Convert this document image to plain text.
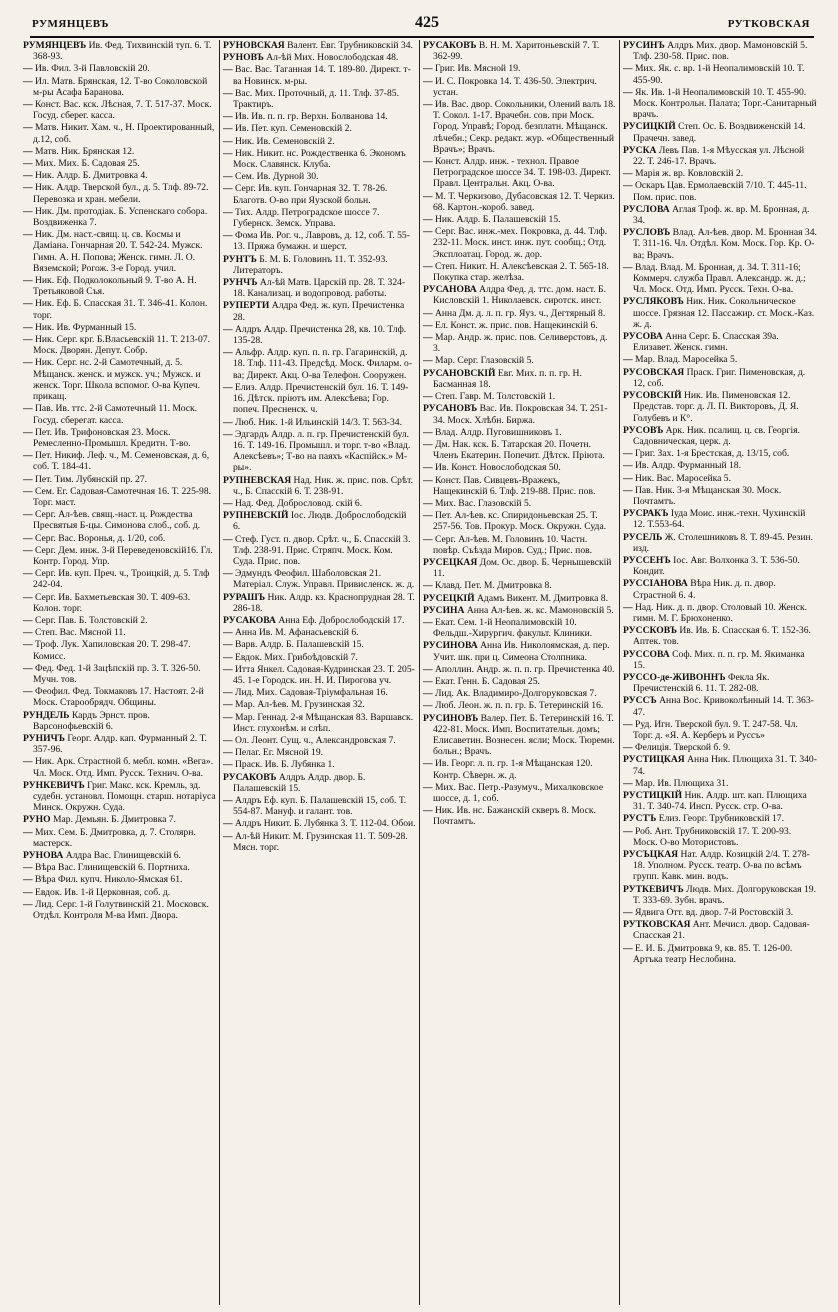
РУМЯНЦЕВЪ	425	РУТКОВСКАЯ
РУМЯНЦЕВЪ Ив. Фед. Тихвинскій туп. 6. Т. 368-93.
— Ив. Фил. 3-й Павловскій 20.
— Ил. Матв. Брянская, 12. Т-во Соколовской м-ры Асафа Баранова.
— Конст. Вас. кск. Лѣсная, 7. Т. 517-37. Моск. Госуд. сберег. касса.
— Матв. Никит. Хам. ч., Н. Проектированный, д.12, соб.
— Матв. Ник. Брянская 12.
— Мих. Мих. Б. Садовая 25.
— Ник. Алдр. Б. Дмитровка 4.
— Ник. Алдр. Тверской бул., д. 5. Тлф. 89-72. Перевозка и хран. мебели.
— Ник. Дм. протодіак. Б. Успенскаго собора. Воздвиженка 7.
— Ник. Дм. наст.-свящ. ц. св. Космы и Даміана. Гончарная 20. Т. 542-24. Мужск. Гимн. А. Н. Попова; Женск. гимн. Л. О. Вяземской; Рогож. 3-е Город. учил.
— Ник. Еф. Подколокольный 9. Т-во А. Н. Третьяковой Съя.
— Ник. Еф. Б. Спасская 31. Т. 346-41. Колон. торг.
— Ник. Ив. Фурманный 15.
— Ник. Серг. крг. Б.Власьевскій 11. Т. 213-07. Моск. Дворян. Депут. Собр.
— Ник. Серг. нс. 2-й Самотечный, д. 5. Мѣщанск. женск. и мужск. уч.; Мужск. и женск. Торг. Школа вспомог. О-ва Купеч. прикащ.
— Пав. Ив. ттс. 2-й Самотечный 11. Моск. Госуд. сберегат. касса.
— Пет. Ив. Трифоновская 23. Моск. Ремесленно-Промышл. Кредитн. Т-во.
— Пет. Никиф. Леф. ч., М. Семеновская, д. 6, соб. Т. 184-41.
— Пет. Тим. Лубянскій пр. 27.
— Сем. Ег. Садовая-Самотечная 16. Т. 225-98. Торг. маст.
— Серг. Ал-ѣев. свящ.-наст. ц. Рождества Пресвятыя Б-цы. Симонова слоб., соб. д.
— Серг. Вас. Воронья, д. 1/20, соб.
— Серг. Дем. инж. 3-й Переведеновскій16. Гл. Контр. Город. Упр.
— Серг. Ив. куп. Преч. ч., Троицкій, д. 5. Тлф 242-04.
— Серг. Ив. Бахметьевская 30. Т. 409-63. Колон. торг.
— Серг. Пав. Б. Толстовскій 2.
— Степ. Вас. Мясной 11.
— Троф. Лук. Хапиловская 20. Т. 298-47. Комисс.
— Фед. Фед. 1-й Зацѣпскій пр. 3. Т. 326-50. Мучн. тов.
— Феофил. Фед. Токмаковъ 17. Настоят. 2-й Моск. Старообрядч. Общины.
РУНДЕЛЬ Кардъ Эрнст. пров. Варсонофьевскій 6.
РУНИЧЪ Георг. Алдр. кап. Фурманный 2. Т. 357-96.
— Ник. Арк. Страстной б. мебл. комн. «Вега». Чл. Моск. Отд. Имп. Русск. Технич. О-ва.
РУНКЕВИЧЪ Григ. Макс. кск. Кремль, зд. судебн. установл. Помощн. старш. нотаріуса Минск. Окружн. Суда.
РУНО Мар. Демьян. Б. Дмитровка 7.
— Мих. Сем. Б. Дмитровка, д. 7. Столярн. мастерск.
РУНОВА Алдра Вас. Глинищевскій 6.
— Вѣра Вас. Глинищевскій 6. Портниха.
— Вѣра Фил. купч. Николо-Ямская 61.
— Евдок. Ив. 1-й Церковная, соб. д.
— Лид. Серг. 1-й Голутвинскій 21. Московск. Отдѣл. Контроля М-ва Имп. Двора.
РУНОВСКАЯ Валент. Евг. Трубниковскій 34.
РУНОВЪ Ал-ѣй Мих. Новослободская 48.
— Вас. Вас. Таганная 14. Т. 189-80. Директ. т-ва Новинск. м-ры.
— Вас. Мих. Проточный, д. 11. Тлф. 37-85. Трактиръ.
— Ив. Ив. п. п. гр. Верхн. Болванова 14.
— Ив. Пет. куп. Семеновскій 2.
— Ник. Ив. Семеновскій 2.
— Ник. Никит. нс. Рождественка 6. Экономъ Моск. Славянск. Клуба.
— Сем. Ив. Дурной 30.
— Серг. Ив. куп. Гончарная 32. Т. 78-26. Благотв. О-во при Яузской больн.
— Тих. Алдр. Петроградское шоссе 7. Губернск. Земск. Управа.
— Фома Ив. Рог. ч., Лавровъ, д. 12, соб. Т. 55-13. Пряжа бумажн. и шерст.
РУНТЪ Б. М. Б. Головинъ 11. Т. 352-93. Литераторъ.
РУНЧЪ Ал-ѣй Матв. Царскій пр. 28. Т. 324-18. Канализац. и водопровод. работы.
РУПЕРТИ Алдра Фед. ж. куп. Пречистенка 28.
— Алдръ Алдр. Пречистенка 28, кв. 10. Тлф. 135-28.
— Альфр. Алдр. куп. п. п. гр. Гагаринскій, д. 18. Тлф. 111-43. Предсѣд. Моск. Филарм. о-ва; Директ. Акц. О-ва Телефон. Сооружен.
— Елиз. Алдр. Пречистенскій бул. 16. Т. 149-16. Дѣтск. пріютъ им. Алексѣева; Гор. попеч. Пресненск. ч.
— Люб. Ник. 1-й Ильинскій 14/3. Т. 563-34.
— Эдгардъ Алдр. л. п. гр. Пречистенскій бул. 16. Т. 149-16. Промышл. и торг. т-во «Влад. Алексѣевъ»; Т-во на паяхъ «Каспійск.» М-ры».
РУПНЕВСКАЯ Над. Ник. ж. прис. пов. Срѣт. ч., Б. Спасскій 6. Т. 238-91.
— Над. Фед. Добрословод. скій 6.
РУПНЕВСКІЙ Іос. Людв. Доброслободскій 6.
— Стеф. Густ. п. двор. Срѣт. ч., Б. Спасскій 3. Тлф. 238-91. Прис. Стряпч. Моск. Ком. Суда. Прис. пов.
— Эдмундъ Феофил. Шаболовская 21. Матеріал. Служ. Управл. Привисленск. ж. д.
РУРАШЪ Ник. Алдр. кз. Краснопрудная 28. Т. 286-18.
РУСАКОВА Анна Еф. Доброслободскій 17.
— Анна Ив. М. Афанасьевскій 6.
— Варв. Алдр. Б. Палашевскій 15.
— Евдок. Мих. Грибоѣдовскій 7.
— Итта Янкел. Садовая-Кудринская 23. Т. 205-45. 1-е Городск. ин. Н. И. Пирогова уч.
— Лид. Мих. Садовая-Тріумфальная 16.
— Мар. Ал-ѣев. М. Грузинская 32.
— Мар. Геннад. 2-я Мѣщанская 83. Варшавск. Инст. глухонѣм. и слѣп.
— Ол. Леонт. Сущ. ч., Александровская 7.
— Пелаг. Ег. Мясной 19.
— Праск. Ив. Б. Лубянка 1.
РУСАКОВЪ Алдръ Алдр. двор. Б. Палашевскій 15.
— Алдръ Еф. куп. Б. Палашевскій 15, соб. Т. 554-87. Мануф. и галант. тов.
— Алдръ Никит. Б. Лубянка 3. Т. 112-04. Обои.
— Ал-ѣй Никит. М. Грузинская 11. Т. 509-28. Мясн. торг.
РУСАКОВЪ В. Н. М. Харитоньевскій 7. Т. 362-99.
— Григ. Ив. Мясной 19.
— И. С. Покровка 14. Т. 436-50. Электрич. устан.
— Ив. Вас. двор. Сокольники, Олений валъ 18. Т. Сокол. 1-17. Врачебн. сов. при Моск. Город. Управѣ; Город. безплатн. Мѣщанск. лѣчебн.; Секр. редакт. жур. «Общественный Врачъ»; Врачъ.
— Конст. Алдр. инж. - технол. Правое Петроградское шоссе 34. Т. 198-03. Директ. Правл. Центральн. Акц. О-ва.
— М. Т. Черкизово, Дубасовская 12. Т. Черкиз. 68. Картон.-короб. завед.
— Ник. Алдр. Б. Палашевскій 15.
— Серг. Вас. инж.-мех. Покровка, д. 44. Тлф. 232-11. Моск. инст. инж. пут. сообщ.; Отд. Эксплоатац. Город. ж. дор.
— Степ. Никит. Н. Алексѣевская 2. Т. 565-18. Покупка стар. желѣза.
РУСАНОВА Алдра Фед. д. ттс. дом. наст. Б. Кисловскій 1. Николаевск. сиротск. инст.
— Анна Дм. д. л. п. гр. Яуз. ч., Дегтярный 8.
— Ел. Конст. ж. прис. пов. Нащекинскій 6.
— Мар. Андр. ж. прис. пов. Селиверстовъ, д. 3.
— Мар. Серг. Глазовскій 5.
РУСАНОВСКІЙ Евг. Мих. п. п. гр. Н. Басманная 18.
— Степ. Гавр. М. Толстовскій 1.
РУСАНОВЪ Вас. Ив. Покровская 34. Т. 251-34. Моск. Хлѣбн. Биржа.
— Влад. Алдр. Пуговишниковъ 1.
— Дм. Нак. кск. Б. Татарская 20. Почетн. Членъ Екатерин. Попечит. Дѣтск. Пріюта.
— Ив. Конст. Новослободская 50.
— Конст. Пав. Сивцевъ-Вражекъ, Нащекинскій 6. Тлф. 219-88. Прис. пов.
— Мих. Вас. Глазовскій 5.
— Пет. Ал-ѣев. кс. Спиридоньевская 25. Т. 257-56. Тов. Прокур. Моск. Окружн. Суда.
— Серг. Ал-ѣев. М. Головинъ 10. Частн. повѣр. Съѣзда Миров. Суд.; Прис. пов.
РУСЕЦКАЯ Дом. Ос. двор. Б. Чернышевскій 11.
— Клавд. Пет. М. Дмитровка 8.
РУСЕЦКІЙ Адамъ Викент. М. Дмитровка 8.
РУСИНА Анна Ал-ѣев. ж. кс. Мамоновскій 5.
— Екат. Сем. 1-й Неопалимовскій 10. Фельдш.-Хирургич. факульт. Клиники.
РУСИНОВА Анна Ив. Николоямская, д. пер. Учит. шк. при ц. Симеона Столпника.
— Аполлин. Андр. ж. п. п. гр. Пречистенка 40.
— Екат. Генн. Б. Садовая 25.
— Лид. Ак. Владимиро-Долгоруковская 7.
— Люб. Леон. ж. п. п. гр. Б. Тетеринскій 16.
РУСИНОВЪ Валер. Пет. Б. Тетеринскій 16. Т. 422-81. Моск. Имп. Воспитательн. домъ; Елисаветин. Вознесен. ясли; Моск. Тюремн. больн.; Врачъ.
— Ив. Георг. л. п. гр. 1-я Мѣщанская 120. Контр. Сѣверн. ж. д.
— Мих. Вас. Петр.-Разумуч., Михалковское шоссе, д. 1, соб.
— Ник. Ив. нс. Бажанскій скверъ 8. Моск. Почтамтъ.
РУСИНЪ Алдръ Мих. двор. Мамоновскій 5. Тлф. 230-58. Прис. пов.
— Мих. Як. с. вр. 1-й Неопалимовскій 10. Т. 455-90.
— Як. Ив. 1-й Неопалимовскій 10. Т. 455-90. Моск. Контрольн. Палата; Торг.-Санитарный врачъ.
РУСИЦКІЙ Степ. Ос. Б. Воздвиженскій 14. Прачечн. завед.
РУСКА Левъ Пав. 1-я Мѣусская ул. Лѣсной 22. Т. 246-17. Врачъ.
— Марія ж. вр. Ковловскій 2.
— Оскаръ Цав. Ермолаевскій 7/10. Т. 445-11. Пом. прис. пов.
РУСЛОВА Аглая Троф. ж. вр. М. Бронная, д. 34.
РУСЛОВЪ Влад. Ал-ѣев. двор. М. Бронная 34. Т. 311-16. Чл. Отдѣл. Ком. Моск. Гор. Кр. О-ва; Врачъ.
— Влад. Влад. М. Бронная, д. 34. Т. 311-16; Коммерч. служба Правл. Александр. ж. д.; Чл. Моск. Отд. Имп. Русск. Техн. О-ва.
РУСЛЯКОВЪ Ник. Ник. Сокольническое шоссе. Грязная 12. Пассажир. ст. Моск.-Каз. ж. д.
РУСОВА Анна Серг. Б. Спасская 39а. Елизавет. Женск. гимн.
— Мар. Влад. Маросейка 5.
РУСОВСКАЯ Праск. Григ. Пименовская, д. 12, соб.
РУСОВСКІЙ Ник. Ив. Пименовская 12. Представ. торг. д. Л. П. Викторовъ, Д. Я. Голубевъ и К°.
РУСОВЪ Арк. Ник. псалищ. ц. св. Георгія. Садовническая, церк. д.
— Григ. Зах. 1-я Брестская, д. 13/15, соб.
— Ив. Алдр. Фурманный 18.
— Ник. Вас. Маросейка 5.
— Пав. Ник. 3-я Мѣщанская 30. Моск. Почтамтъ.
РУСРАКЪ Іуда Моис. инж.-техн. Чухинскій 12. Т.553-64.
РУСЕЛЬ Ж. Столешниковъ 8. Т. 89-45. Резин. изд.
РУССЕНЪ Іос. Авг. Волхонка 3. Т. 536-50. Кондит.
РУССІАНОВА Вѣра Ник. д. п. двор. Страстной 6. 4.
— Над. Ник. д. п. двор. Столовый 10. Женск. гимн. М. Г. Брюхоненко.
РУССКОВЪ Ив. Ив. Б. Спасская 6. Т. 152-36. Аптек. тов.
РУССОВА Соф. Мих. п. п. гр. М. Якиманка 15.
РУССО-де-ЖИВОННЪ Фекла Як. Пречистенскій 6. 11. Т. 282-08.
РУССЪ Анна Вос. Кривоколѣнный 14. Т. 363-47.
— Руд. Игн. Тверской бул. 9. Т. 247-58. Чл. Торг. д. «Я. А. Керберъ и Руссъ»
— Фелиція. Тверской б. 9.
РУСТИЦКАЯ Анна Ник. Плющиха 31. Т. 340-74.
— Мар. Ив. Плющиха 31.
РУСТИЦКІЙ Ник. Алдр. шт. кап. Плющиха 31. Т. 340-74. Инсп. Русск. стр. О-ва.
РУСТЪ Елиз. Георг. Трубниковскій 17.
— Роб. Ант. Трубниковскій 17. Т. 200-93. Моск. О-во Мотористовъ.
РУСЪЦКАЯ Нат. Алдр. Козицкій 2/4. Т. 278-18. Уполном. Русск. театр. О-ва по всѣмъ групп. Кавк. мин. водъ.
РУТКЕВИЧЪ Людв. Мих. Долгоруковская 19. Т. 333-69. Зубн. врачъ.
— Ядвига Отт. вд. двор. 7-й Ростовскій 3.
РУТКОВСКАЯ Ант. Мечисл. двор. Садовая-Спасская 21.
— Е. И. Б. Дмитровка 9, кв. 85. Т. 126-00. Артъка театр Неслобина.
